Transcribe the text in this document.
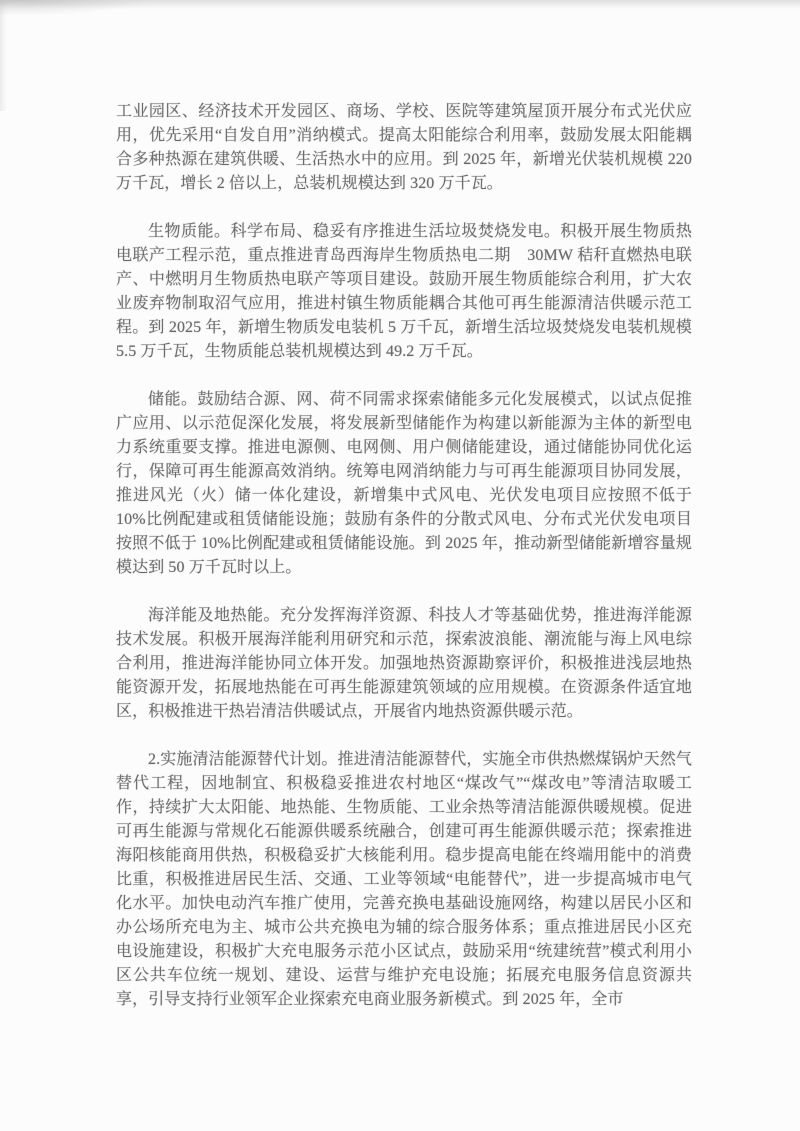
工业园区、经济技术开发园区、商场、学校、医院等建筑屋顶开展分布式光伏应用，优先采用“自发自用”消纳模式。提高太阳能综合利用率，鼓励发展太阳能耦合多种热源在建筑供暖、生活热水中的应用。到 2025 年，新增光伏装机规模 220 万千瓦，增长 2 倍以上，总装机规模达到 320 万千瓦。

生物质能。科学布局、稳妥有序推进生活垃圾焚烧发电。积极开展生物质热电联产工程示范，重点推进青岛西海岸生物质热电二期　30MW 秸秆直燃热电联产、中燃明月生物质热电联产等项目建设。鼓励开展生物质能综合利用，扩大农业废弃物制取沼气应用，推进村镇生物质能耦合其他可再生能源清洁供暖示范工程。到 2025 年，新增生物质发电装机 5 万千瓦，新增生活垃圾焚烧发电装机规模 5.5 万千瓦，生物质能总装机规模达到 49.2 万千瓦。

储能。鼓励结合源、网、荷不同需求探索储能多元化发展模式，以试点促推广应用、以示范促深化发展，将发展新型储能作为构建以新能源为主体的新型电力系统重要支撑。推进电源侧、电网侧、用户侧储能建设，通过储能协同优化运行，保障可再生能源高效消纳。统筹电网消纳能力与可再生能源项目协同发展，推进风光（火）储一体化建设，新增集中式风电、光伏发电项目应按照不低于10%比例配建或租赁储能设施；鼓励有条件的分散式风电、分布式光伏发电项目按照不低于 10%比例配建或租赁储能设施。到 2025 年，推动新型储能新增容量规模达到 50 万千瓦时以上。

海洋能及地热能。充分发挥海洋资源、科技人才等基础优势，推进海洋能源技术发展。积极开展海洋能利用研究和示范，探索波浪能、潮流能与海上风电综合利用，推进海洋能协同立体开发。加强地热资源勘察评价，积极推进浅层地热能资源开发，拓展地热能在可再生能源建筑领域的应用规模。在资源条件适宜地区，积极推进干热岩清洁供暖试点，开展省内地热资源供暖示范。

2.实施清洁能源替代计划。推进清洁能源替代，实施全市供热燃煤锅炉天然气替代工程，因地制宜、积极稳妥推进农村地区“煤改气”“煤改电”等清洁取暖工作，持续扩大太阳能、地热能、生物质能、工业余热等清洁能源供暖规模。促进可再生能源与常规化石能源供暖系统融合，创建可再生能源供暖示范；探索推进海阳核能商用供热，积极稳妥扩大核能利用。稳步提高电能在终端用能中的消费比重，积极推进居民生活、交通、工业等领域“电能替代”，进一步提高城市电气化水平。加快电动汽车推广使用，完善充换电基础设施网络，构建以居民小区和办公场所充电为主、城市公共充换电为辅的综合服务体系；重点推进居民小区充电设施建设，积极扩大充电服务示范小区试点，鼓励采用“统建统营”模式利用小区公共车位统一规划、建设、运营与维护充电设施；拓展充电服务信息资源共享，引导支持行业领军企业探索充电商业服务新模式。到 2025 年，全市
